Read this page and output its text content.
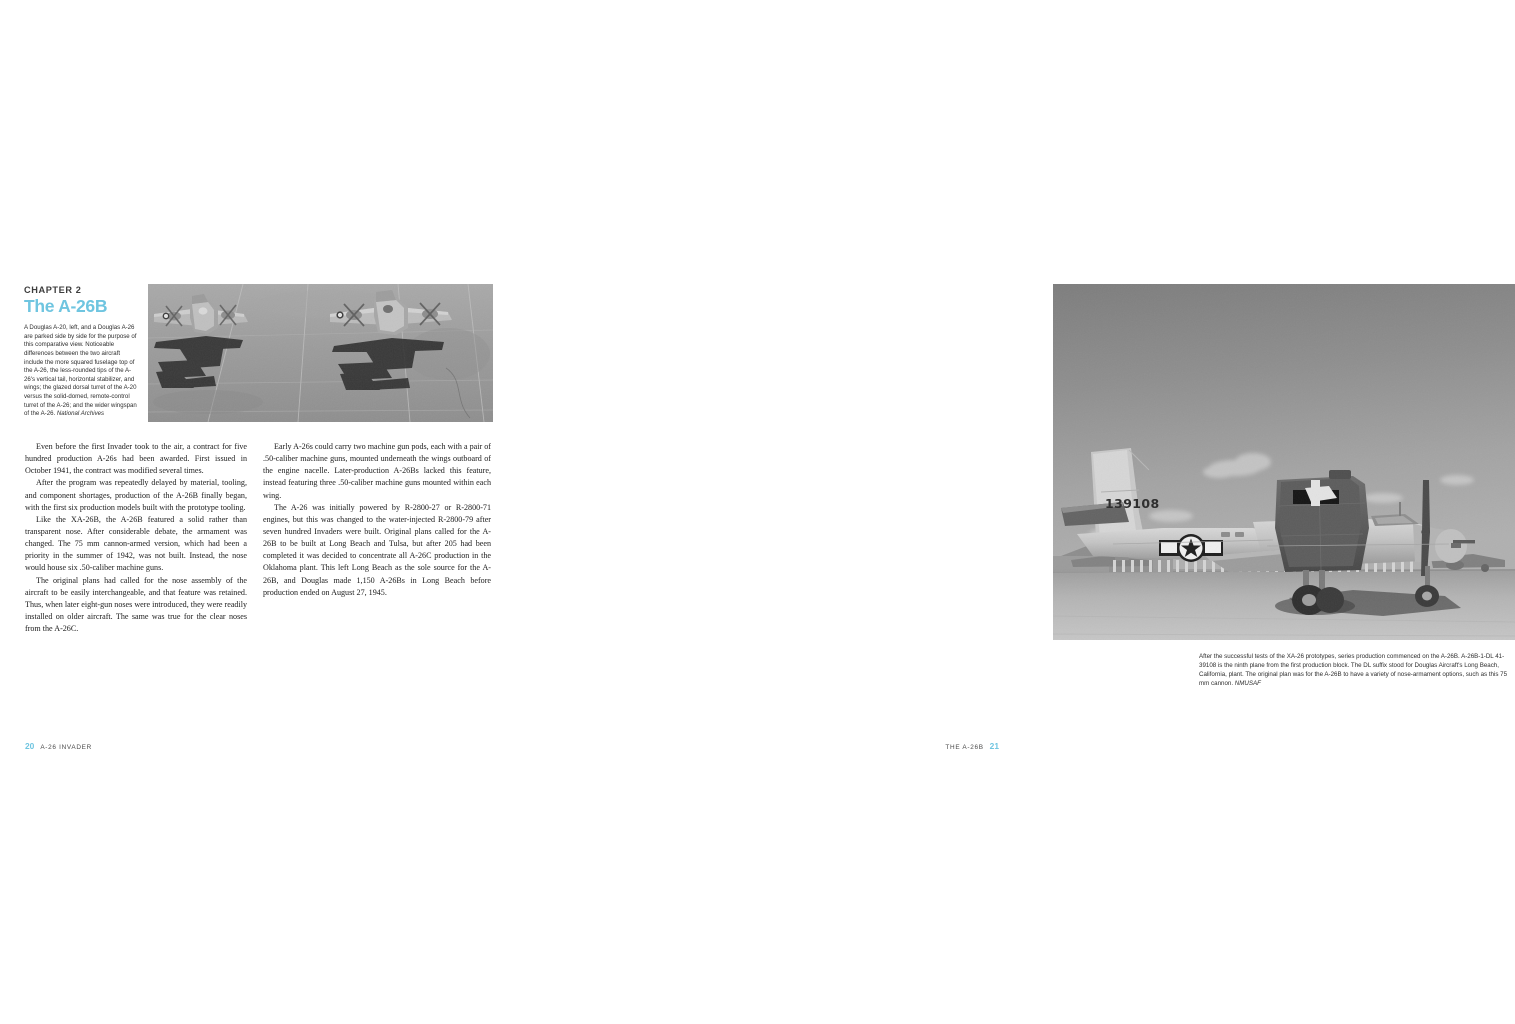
CHAPTER 2
The A-26B
A Douglas A-20, left, and a Douglas A-26 are parked side by side for the purpose of this comparative view. Noticeable differences between the two aircraft include the more squared fuselage top of the A-26, the less-rounded tips of the A-26's vertical tail, horizontal stabilizer, and wings; the glazed dorsal turret of the A-20 versus the solid-domed, remote-control turret of the A-26; and the wider wingspan of the A-26. National Archives

Even before the first Invader took to the air, a contract for five hundred production A-26s had been awarded. First issued in October 1941, the contract was modified several times.

After the program was repeatedly delayed by material, tooling, and component shortages, production of the A-26B finally began, with the first six production models built with the prototype tooling.

Like the XA-26B, the A-26B featured a solid rather than transparent nose. After considerable debate, the armament was changed. The 75 mm cannon-armed version, which had been a priority in the summer of 1942, was not built. Instead, the nose would house six .50-caliber machine guns.

The original plans had called for the nose assembly of the aircraft to be easily interchangeable, and that feature was retained. Thus, when later eight-gun noses were introduced, they were readily installed on older aircraft. The same was true for the clear noses from the A-26C.

Early A-26s could carry two machine gun pods, each with a pair of .50-caliber machine guns, mounted underneath the wings outboard of the engine nacelle. Later-production A-26Bs lacked this feature, instead featuring three .50-caliber machine guns mounted within each wing.

The A-26 was initially powered by R-2800-27 or R-2800-71 engines, but this was changed to the water-injected R-2800-79 after seven hundred Invaders were built. Original plans called for the A-26B to be built at Long Beach and Tulsa, but after 205 had been completed it was decided to concentrate all A-26C production in the Oklahoma plant. This left Long Beach as the sole source for the A-26B, and Douglas made 1,150 A-26Bs in Long Beach before production ended on August 27, 1945.

20 A-26 INVADER
After the successful tests of the XA-26 prototypes, series production commenced on the A-26B. A-26B-1-DL 41-39108 is the ninth plane from the first production block. The DL suffix stood for Douglas Aircraft's Long Beach, California, plant. The original plan was for the A-26B to have a variety of nose-armament options, such as this 75 mm cannon. NMUSAF
THE A-26B 21
